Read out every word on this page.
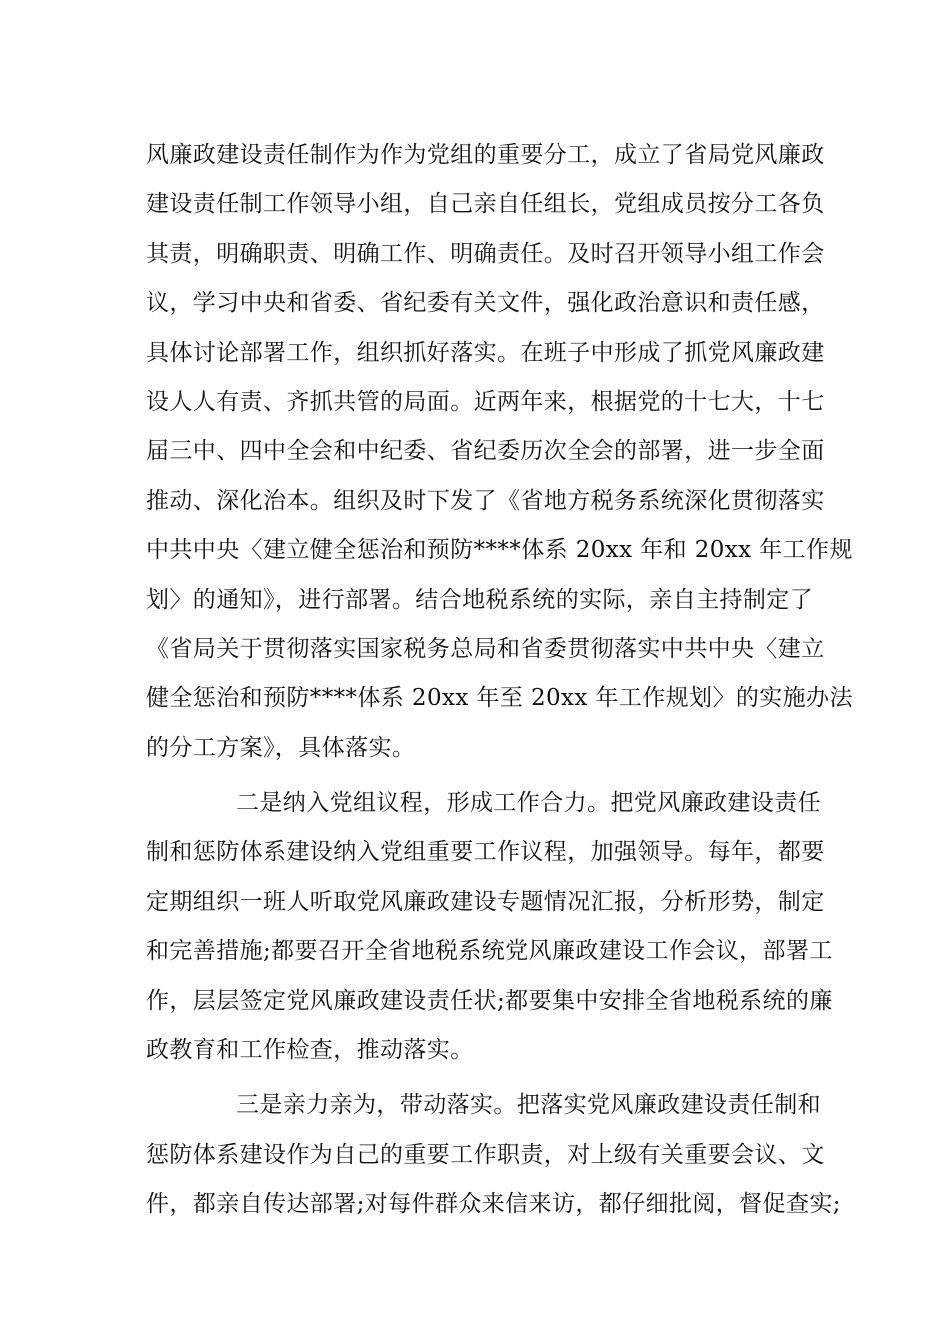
风廉政建设责任制作为作为党组的重要分工，成立了省局党风廉政
建设责任制工作领导小组，自己亲自任组长，党组成员按分工各负
其责，明确职责、明确工作、明确责任。及时召开领导小组工作会
议，学习中央和省委、省纪委有关文件，强化政治意识和责任感，
具体讨论部署工作，组织抓好落实。在班子中形成了抓党风廉政建
设人人有责、齐抓共管的局面。近两年来，根据党的十七大，十七
届三中、四中全会和中纪委、省纪委历次全会的部署，进一步全面
推动、深化治本。组织及时下发了《省地方税务系统深化贯彻落实
中共中央〈建立健全惩治和预防****体系 20xx 年和 20xx 年工作规
划〉的通知》，进行部署。结合地税系统的实际，亲自主持制定了
《省局关于贯彻落实国家税务总局和省委贯彻落实中共中央〈建立
健全惩治和预防****体系 20xx 年至 20xx 年工作规划〉的实施办法
的分工方案》，具体落实。
二是纳入党组议程，形成工作合力。把党风廉政建设责任
制和惩防体系建设纳入党组重要工作议程，加强领导。每年，都要
定期组织一班人听取党风廉政建设专题情况汇报，分析形势，制定
和完善措施;都要召开全省地税系统党风廉政建设工作会议，部署工
作，层层签定党风廉政建设责任状;都要集中安排全省地税系统的廉
政教育和工作检查，推动落实。
三是亲力亲为，带动落实。把落实党风廉政建设责任制和
惩防体系建设作为自己的重要工作职责，对上级有关重要会议、文
件，都亲自传达部署;对每件群众来信来访，都仔细批阅，督促查实;
